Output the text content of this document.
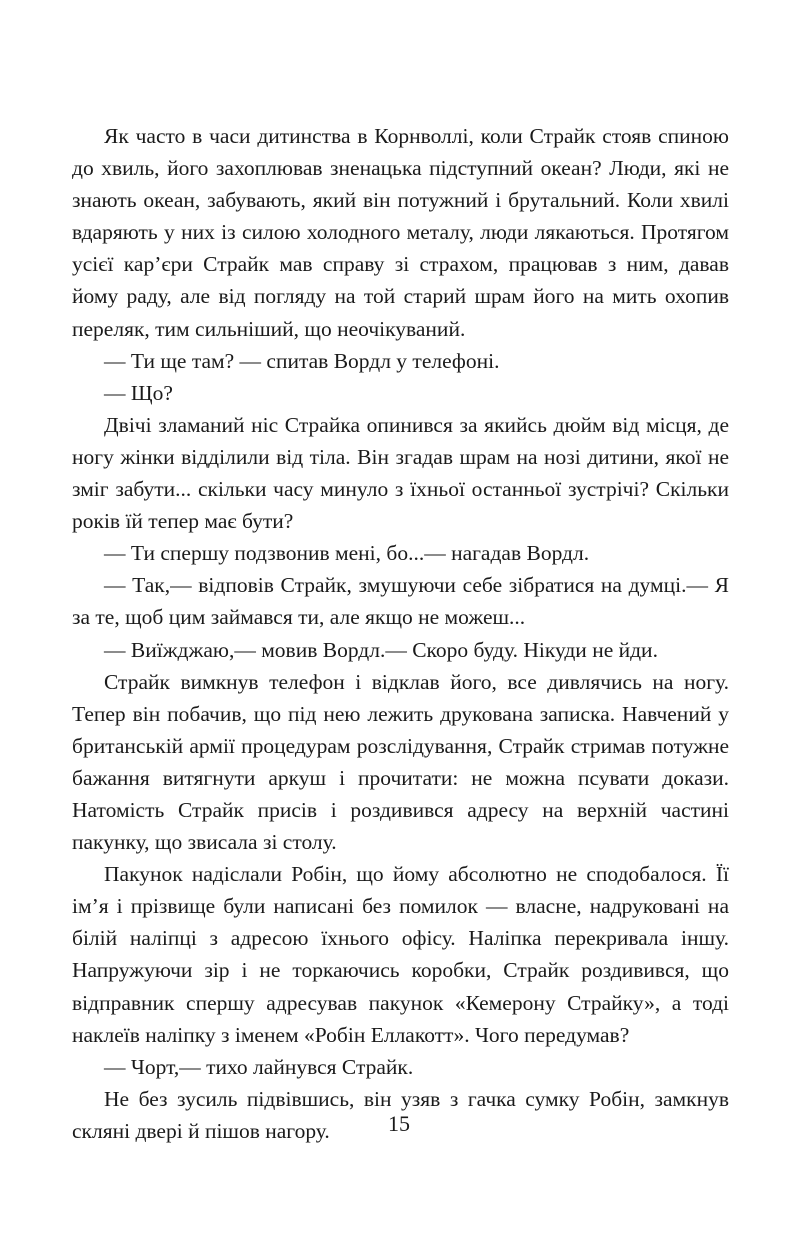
Як часто в часи дитинства в Корнволлі, коли Страйк стояв спиною до хвиль, його захоплював зненацька підступний океан? Люди, які не знають океан, забувають, який він потужний і брутальний. Коли хвилі вдаряють у них із силою холодного металу, люди лякаються. Протягом усієї кар’єри Страйк мав справу зі страхом, працював з ним, давав йому раду, але від погляду на той старий шрам його на мить охопив переляк, тим сильніший, що неочікуваний.

— Ти ще там? — спитав Вордл у телефоні.

— Що?

Двічі зламаний ніс Страйка опинився за якийсь дюйм від місця, де ногу жінки відділили від тіла. Він згадав шрам на нозі дитини, якої не зміг забути... скільки часу минуло з їхньої останньої зустрічі? Скільки років їй тепер має бути?

— Ти спершу подзвонив мені, бо...— нагадав Вордл.

— Так,— відповів Страйк, змушуючи себе зібратися на думці.— Я за те, щоб цим займався ти, але якщо не можеш...

— Виїжджаю,— мовив Вордл.— Скоро буду. Нікуди не йди.

Страйк вимкнув телефон і відклав його, все дивлячись на ногу. Тепер він побачив, що під нею лежить друкована записка. Навчений у британській армії процедурам розслідування, Страйк стримав потужне бажання витягнути аркуш і прочитати: не можна псувати докази. Натомість Страйк присів і роздивився адресу на верхній частині пакунку, що звисала зі столу.

Пакунок надіслали Робін, що йому абсолютно не сподобалося. Її ім’я і прізвище були написані без помилок — власне, надруковані на білій наліпці з адресою їхнього офісу. Наліпка перекривала іншу. Напружуючи зір і не торкаючись коробки, Страйк роздивився, що відправник спершу адресував пакунок «Кемерону Страйку», а тоді наклеїв наліпку з іменем «Робін Еллакотт». Чого передумав?

— Чорт,— тихо лайнувся Страйк.

Не без зусиль підвівшись, він узяв з гачка сумку Робін, замкнув скляні двері й пішов нагору.	15
